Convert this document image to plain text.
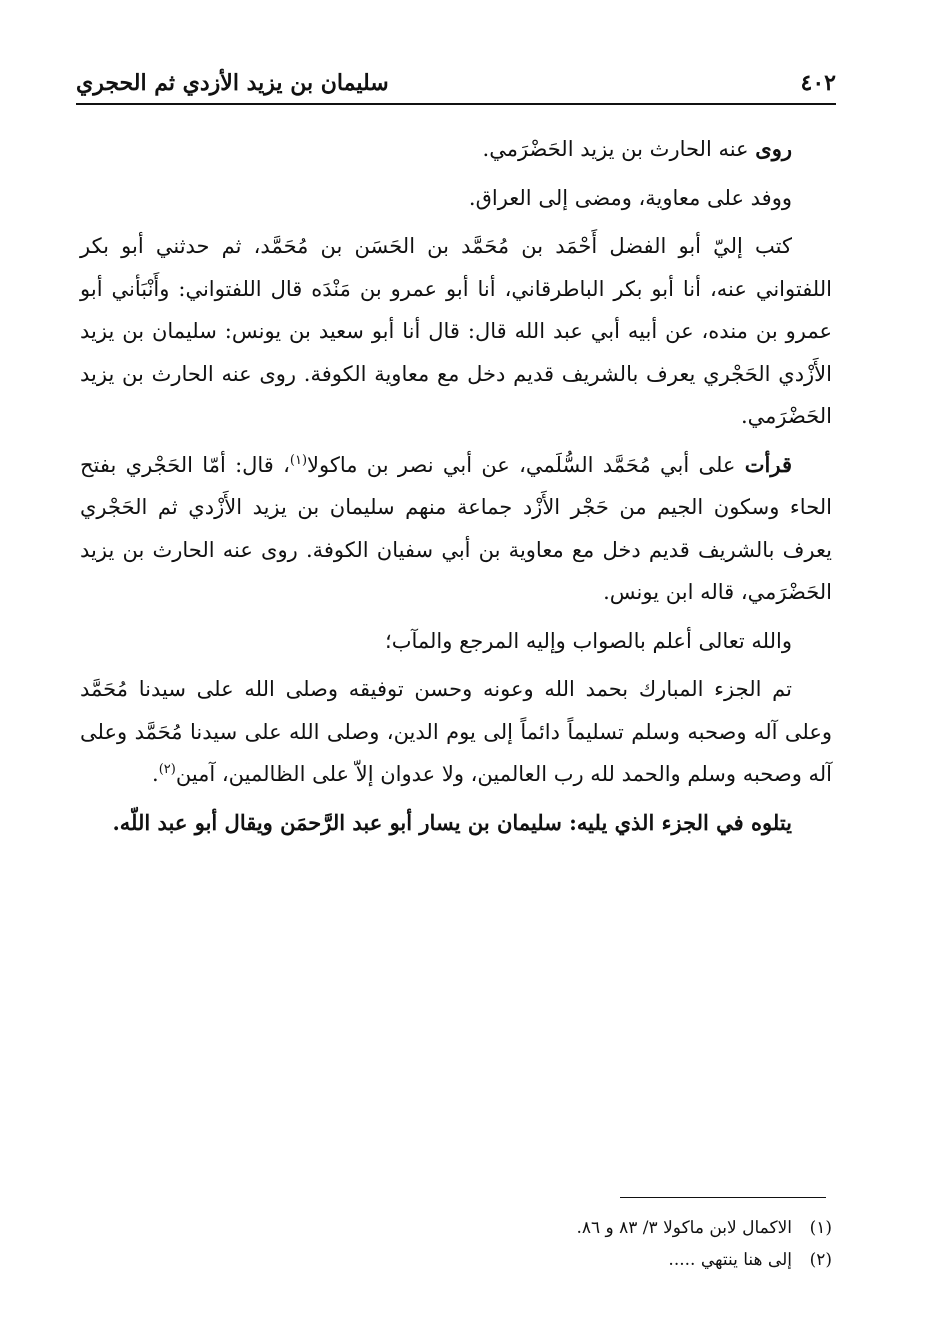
٤٠٢
سليمان بن يزيد الأزدي ثم الحجري

روى عنه الحارث بن يزيد الحَضْرَمي.

ووفد على معاوية، ومضى إلى العراق.

كتب إليّ أبو الفضل أَحْمَد بن مُحَمَّد بن الحَسَن بن مُحَمَّد، ثم حدثني أبو بكر اللفتواني عنه، أنا أبو بكر الباطرقاني، أنا أبو عمرو بن مَنْدَه قال اللفتواني: وأَنْبَأني أبو عمرو بن منده، عن أبيه أبي عبد الله قال: قال أنا أبو سعيد بن يونس: سليمان بن يزيد الأَزْدي الحَجْري يعرف بالشريف قديم دخل مع معاوية الكوفة. روى عنه الحارث بن يزيد الحَضْرَمي.

قرأت على أبي مُحَمَّد السُّلَمي، عن أبي نصر بن ماكولا$^{(١)}$، قال: أمّا الحَجْري بفتح الحاء وسكون الجيم من حَجْر الأَزْد جماعة منهم سليمان بن يزيد الأَزْدي ثم الحَجْري يعرف بالشريف قديم دخل مع معاوية بن أبي سفيان الكوفة. روى عنه الحارث بن يزيد الحَضْرَمي، قاله ابن يونس.

والله تعالى أعلم بالصواب وإليه المرجع والمآب؛

تم الجزء المبارك بحمد الله وعونه وحسن توفيقه وصلى الله على سيدنا مُحَمَّد وعلى آله وصحبه وسلم تسليماً دائماً إلى يوم الدين، وصلى الله على سيدنا مُحَمَّد وعلى آله وصحبه وسلم والحمد لله رب العالمين، ولا عدوان إلاّ على الظالمين، آمين$^{(٢)}$.

يتلوه في الجزء الذي يليه: سليمان بن يسار أبو عبد الرَّحمَن ويقال أبو عبد اللّه.

(١)
الاكمال لابن ماكولا ٣/ ٨٣ و ٨٦.
(٢)
إلى هنا ينتهي .....
